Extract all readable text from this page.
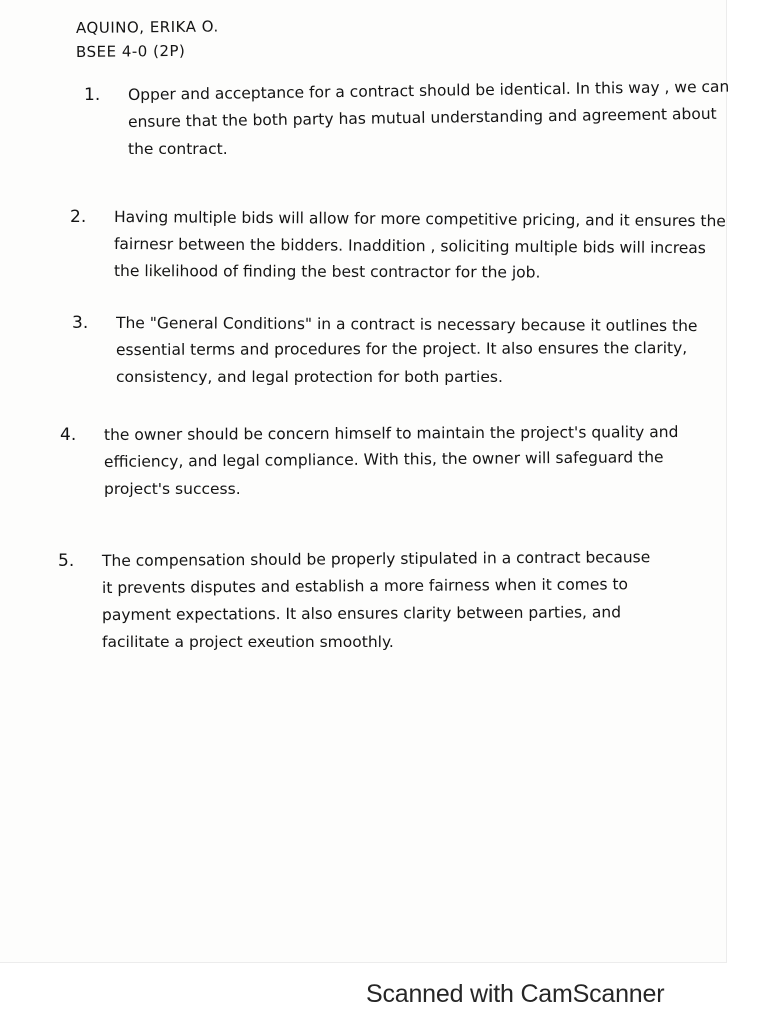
AQUINO, ERIKA O.
BSEE 4-0 (2P)
1.	Opper and acceptance for a contract should be identical. In this way , we can
ensure that the both party has mutual understanding and agreement about
the contract.
2.	Having multiple bids will allow for more competitive pricing, and it ensures the
fairnesr between the bidders. Inaddition , soliciting multiple bids will increas
the likelihood of finding the best contractor for the job.
3.	The "General Conditions" in a contract is necessary because it outlines the
essential terms and procedures for the project. It also ensures the clarity,
consistency, and legal protection for both parties.
4.	the owner should be concern himself to maintain the project's quality and
efficiency, and legal compliance. With this, the owner will safeguard the
project's success.
5.	The compensation should be properly stipulated in a contract because
it prevents disputes and establish a more fairness when it comes to
payment expectations. It also ensures clarity between parties, and
facilitate a project exeution smoothly.
Scanned with CamScanner
